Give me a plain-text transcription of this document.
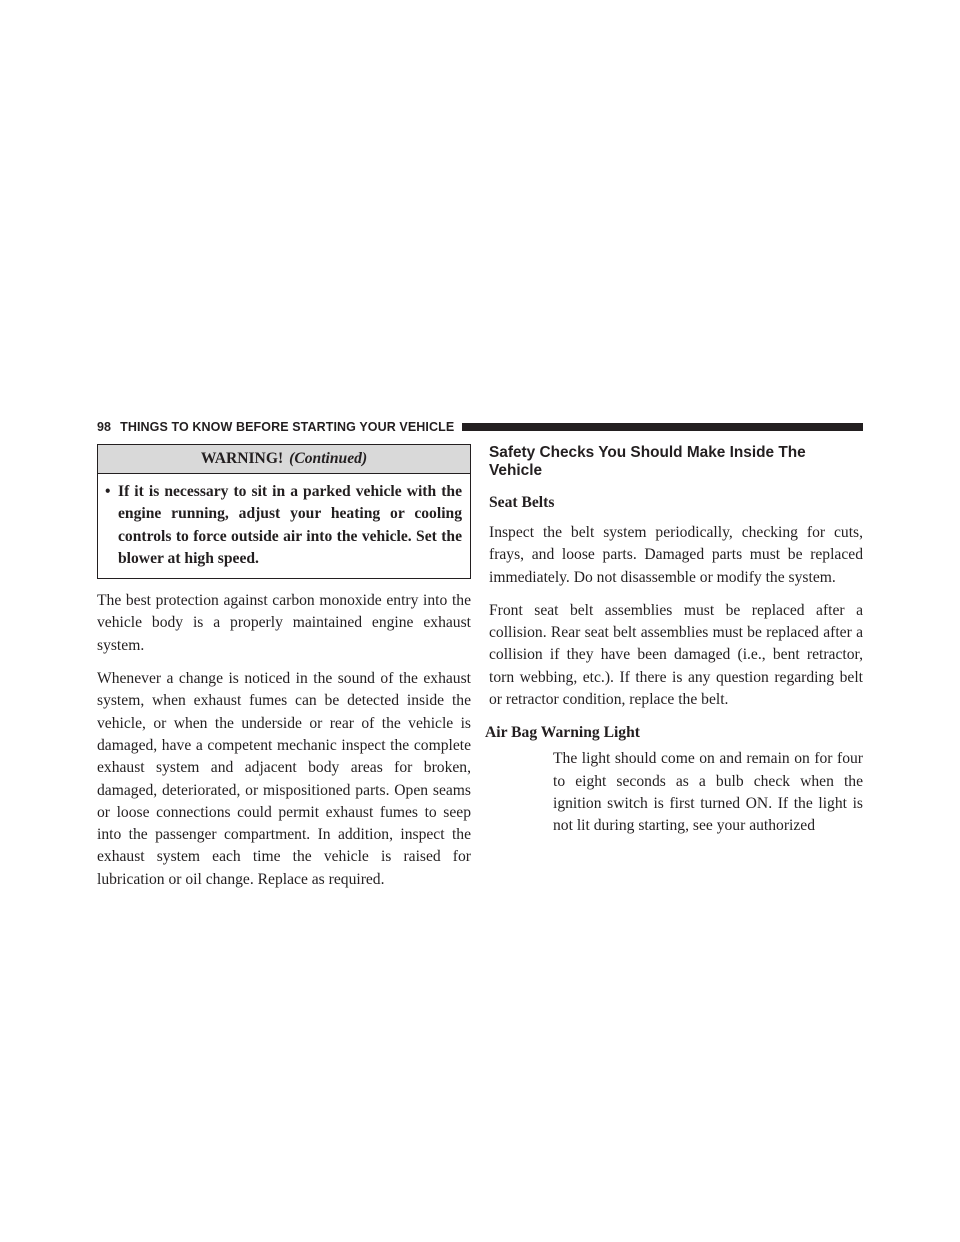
98 THINGS TO KNOW BEFORE STARTING YOUR VEHICLE
WARNING! (Continued)
• If it is necessary to sit in a parked vehicle with the engine running, adjust your heating or cooling controls to force outside air into the vehicle. Set the blower at high speed.

The best protection against carbon monoxide entry into the vehicle body is a properly maintained engine exhaust system.

Whenever a change is noticed in the sound of the exhaust system, when exhaust fumes can be detected inside the vehicle, or when the underside or rear of the vehicle is damaged, have a competent mechanic inspect the complete exhaust system and adjacent body areas for broken, damaged, deteriorated, or mispositioned parts. Open seams or loose connections could permit exhaust fumes to seep into the passenger compartment. In addition, inspect the exhaust system each time the vehicle is raised for lubrication or oil change. Replace as required.

Safety Checks You Should Make Inside The Vehicle
Seat Belts

Inspect the belt system periodically, checking for cuts, frays, and loose parts. Damaged parts must be replaced immediately. Do not disassemble or modify the system.

Front seat belt assemblies must be replaced after a collision. Rear seat belt assemblies must be replaced after a collision if they have been damaged (i.e., bent retractor, torn webbing, etc.). If there is any question regarding belt or retractor condition, replace the belt.

Air Bag Warning Light

The light should come on and remain on for four to eight seconds as a bulb check when the ignition switch is first turned ON. If the light is not lit during starting, see your authorized
